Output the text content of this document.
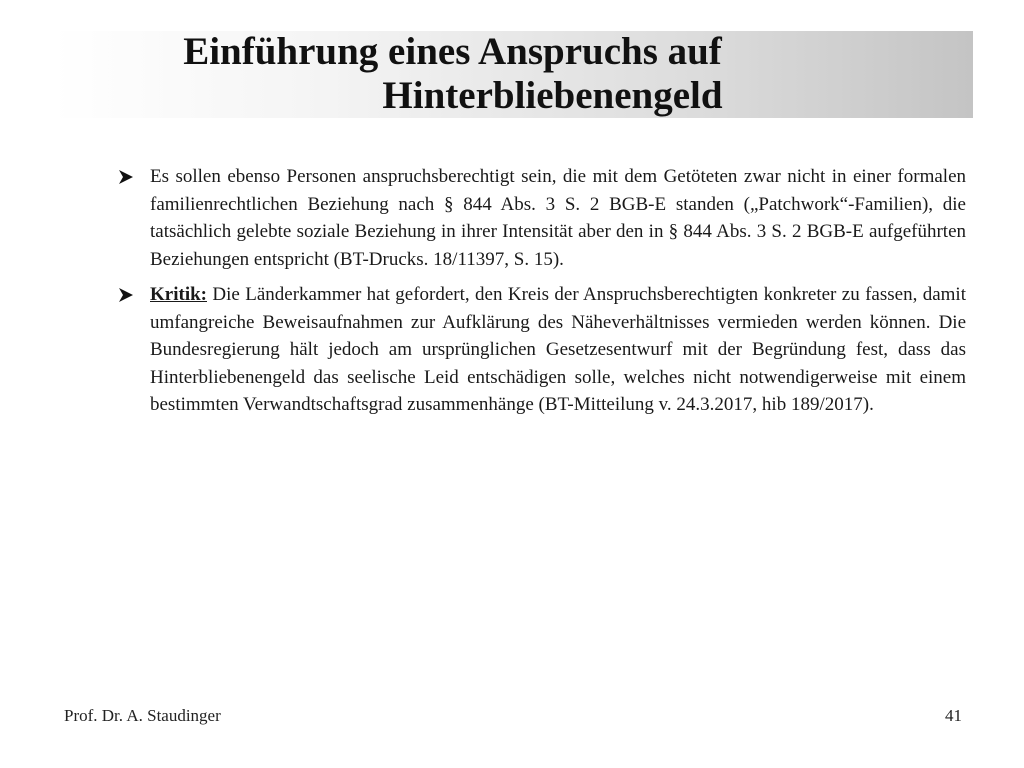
Einführung eines Anspruchs auf
Hinterbliebenengeld

Es sollen ebenso Personen anspruchsberechtigt sein, die mit dem Getöteten zwar nicht in einer formalen familienrechtlichen Beziehung nach § 844 Abs. 3 S. 2 BGB-E standen („Patchwork“-Familien), die tatsächlich gelebte soziale Beziehung in ihrer Intensität aber den in § 844 Abs. 3 S. 2 BGB-E aufgeführten Beziehungen entspricht (BT-Drucks. 18/11397, S. 15).

Kritik: Die Länderkammer hat gefordert, den Kreis der Anspruchsberechtigten konkreter zu fassen, damit umfangreiche Beweisaufnahmen zur Aufklärung des Näheverhältnisses vermieden werden können. Die Bundesregierung hält jedoch am ursprünglichen Gesetzesentwurf mit der Begründung fest, dass das Hinterbliebenengeld das seelische Leid entschädigen solle, welches nicht notwendigerweise mit einem bestimmten Verwandtschaftsgrad zusammenhänge (BT-Mitteilung v. 24.3.2017, hib 189/2017).

Prof. Dr. A. Staudinger	41
